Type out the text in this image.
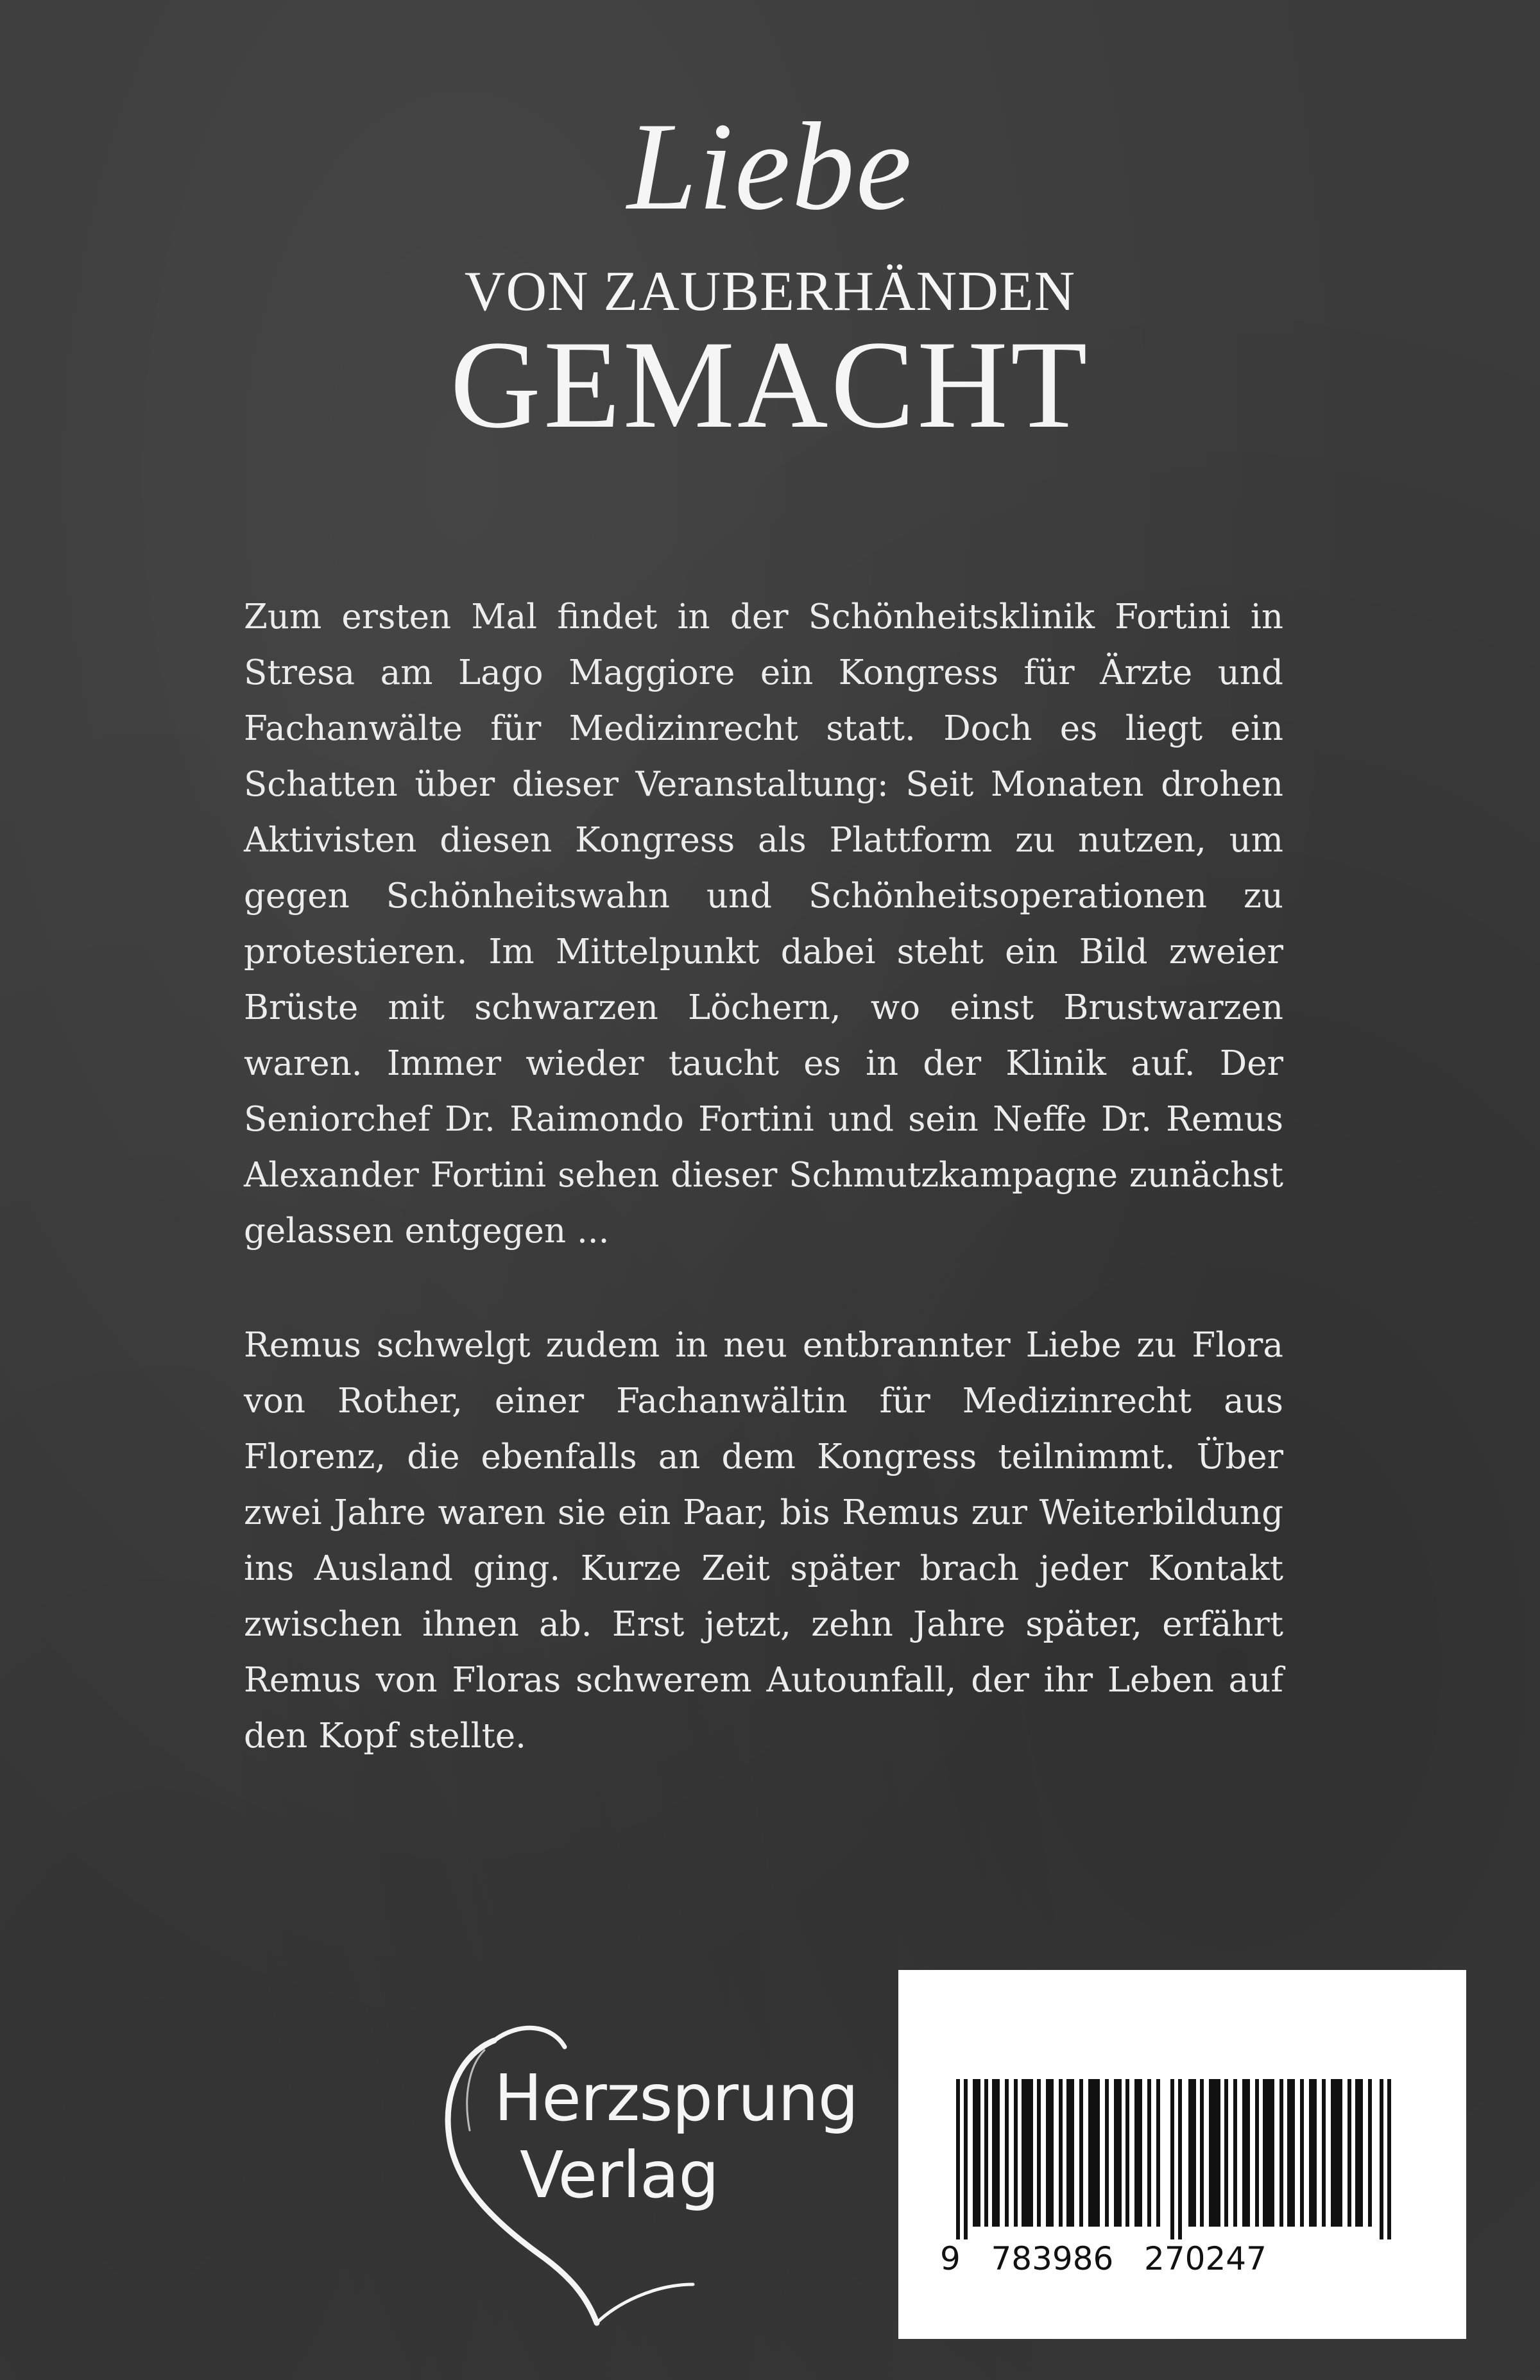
Liebe
VON ZAUBERHÄNDEN
GEMACHT

Zum ersten Mal findet in der Schönheitsklinik Fortini in Stresa am Lago Maggiore ein Kongress für Ärzte und Fachanwälte für Medizinrecht statt. Doch es liegt ein Schatten über dieser Veranstaltung: Seit Monaten drohen Aktivisten diesen Kongress als Plattform zu nutzen, um gegen Schönheitswahn und Schönheitsoperationen zu protestieren. Im Mittelpunkt dabei steht ein Bild zweier Brüste mit schwarzen Löchern, wo einst Brustwarzen waren. Immer wieder taucht es in der Klinik auf. Der Seniorchef Dr. Raimondo Fortini und sein Neffe Dr. Remus Alexander Fortini sehen dieser Schmutzkampagne zunächst gelassen entgegen ...

Remus schwelgt zudem in neu entbrannter Liebe zu Flora von Rother, einer Fachanwältin für Medizinrecht aus Florenz, die ebenfalls an dem Kongress teilnimmt. Über zwei Jahre waren sie ein Paar, bis Remus zur Weiterbildung ins Ausland ging. Kurze Zeit später brach jeder Kontakt zwischen ihnen ab. Erst jetzt, zehn Jahre später, erfährt Remus von Floras schwerem Autounfall, der ihr Leben auf den Kopf stellte.

Herzsprung
Verlag
9   783986   270247
